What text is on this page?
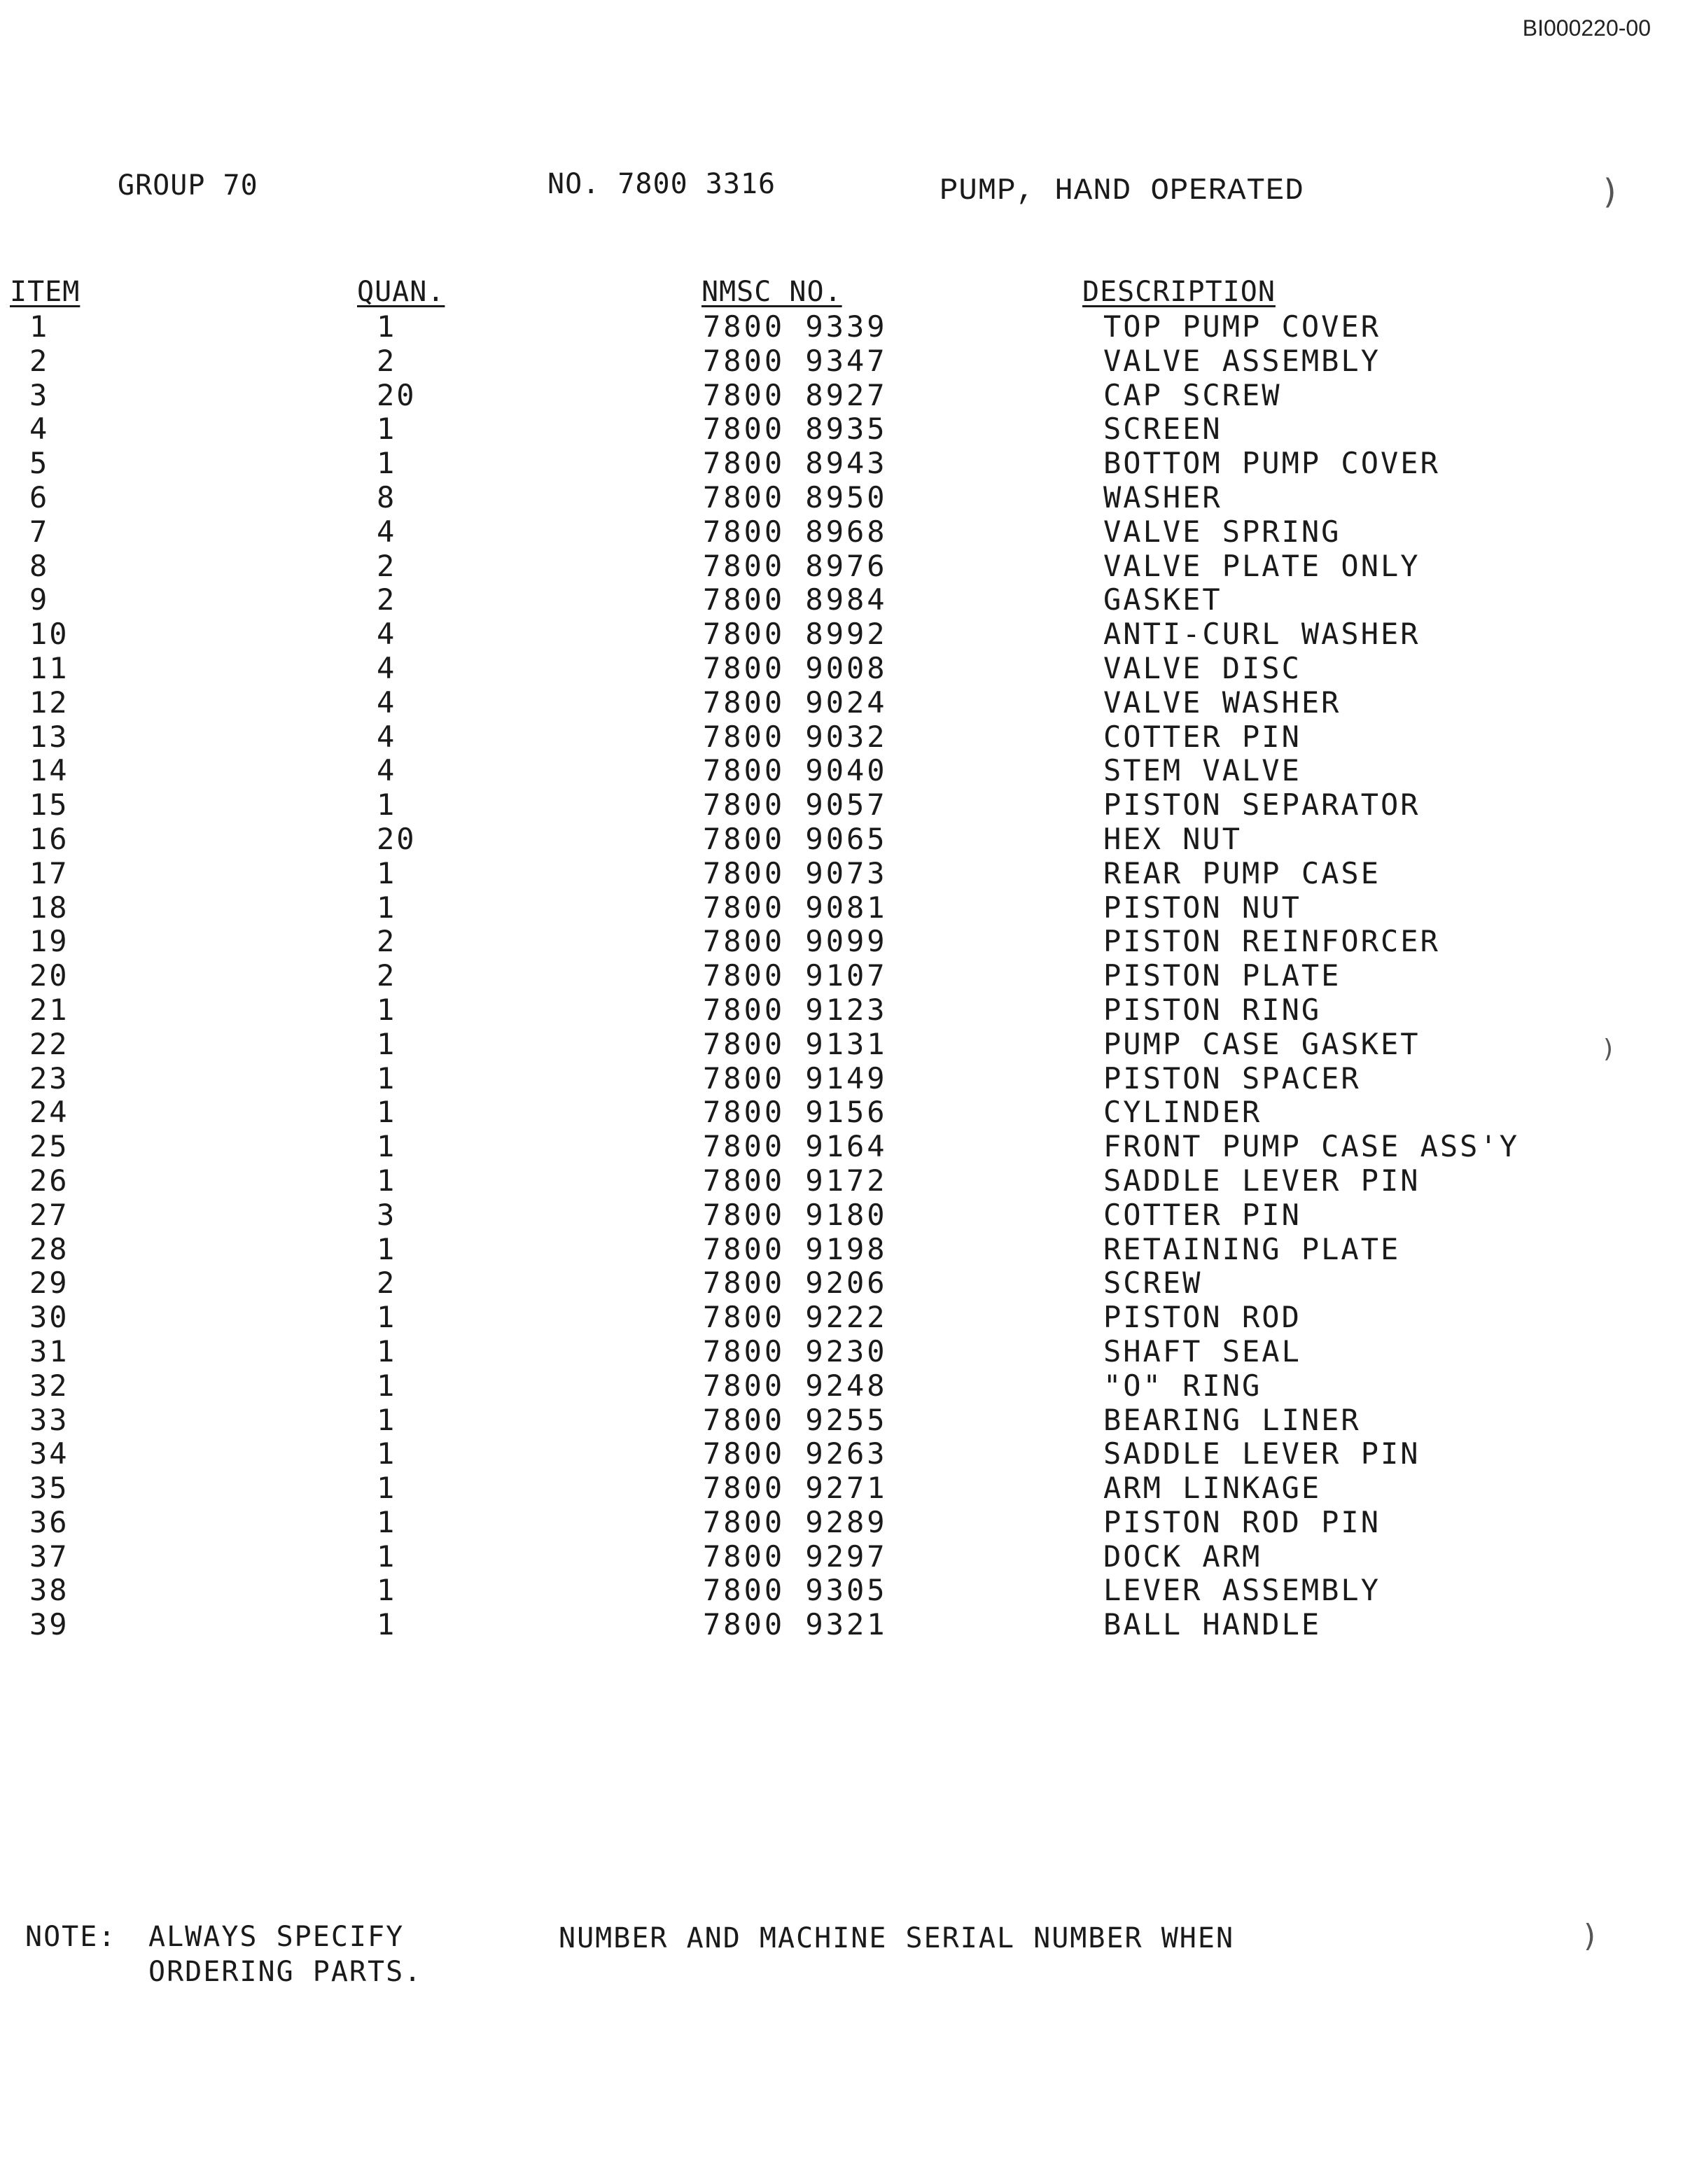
BI000220-00
GROUP 70	NO. 7800 3316	PUMP, HAND OPERATED
ITEM	QUAN.	NMSC NO.	DESCRIPTION
1	1	7800 9339	TOP PUMP COVER
2	2	7800 9347	VALVE ASSEMBLY
3	20	7800 8927	CAP SCREW
4	1	7800 8935	SCREEN
5	1	7800 8943	BOTTOM PUMP COVER
6	8	7800 8950	WASHER
7	4	7800 8968	VALVE SPRING
8	2	7800 8976	VALVE PLATE ONLY
9	2	7800 8984	GASKET
10	4	7800 8992	ANTI-CURL WASHER
11	4	7800 9008	VALVE DISC
12	4	7800 9024	VALVE WASHER
13	4	7800 9032	COTTER PIN
14	4	7800 9040	STEM VALVE
15	1	7800 9057	PISTON SEPARATOR
16	20	7800 9065	HEX NUT
17	1	7800 9073	REAR PUMP CASE
18	1	7800 9081	PISTON NUT
19	2	7800 9099	PISTON REINFORCER
20	2	7800 9107	PISTON PLATE
21	1	7800 9123	PISTON RING
22	1	7800 9131	PUMP CASE GASKET
23	1	7800 9149	PISTON SPACER
24	1	7800 9156	CYLINDER
25	1	7800 9164	FRONT PUMP CASE ASS'Y
26	1	7800 9172	SADDLE LEVER PIN
27	3	7800 9180	COTTER PIN
28	1	7800 9198	RETAINING PLATE
29	2	7800 9206	SCREW
30	1	7800 9222	PISTON ROD
31	1	7800 9230	SHAFT SEAL
32	1	7800 9248	"O" RING
33	1	7800 9255	BEARING LINER
34	1	7800 9263	SADDLE LEVER PIN
35	1	7800 9271	ARM LINKAGE
36	1	7800 9289	PISTON ROD PIN
37	1	7800 9297	DOCK ARM
38	1	7800 9305	LEVER ASSEMBLY
39	1	7800 9321	BALL HANDLE
NOTE: ALWAYS SPECIFY	NUMBER AND MACHINE SERIAL NUMBER WHEN
ORDERING PARTS.
)
)
)
